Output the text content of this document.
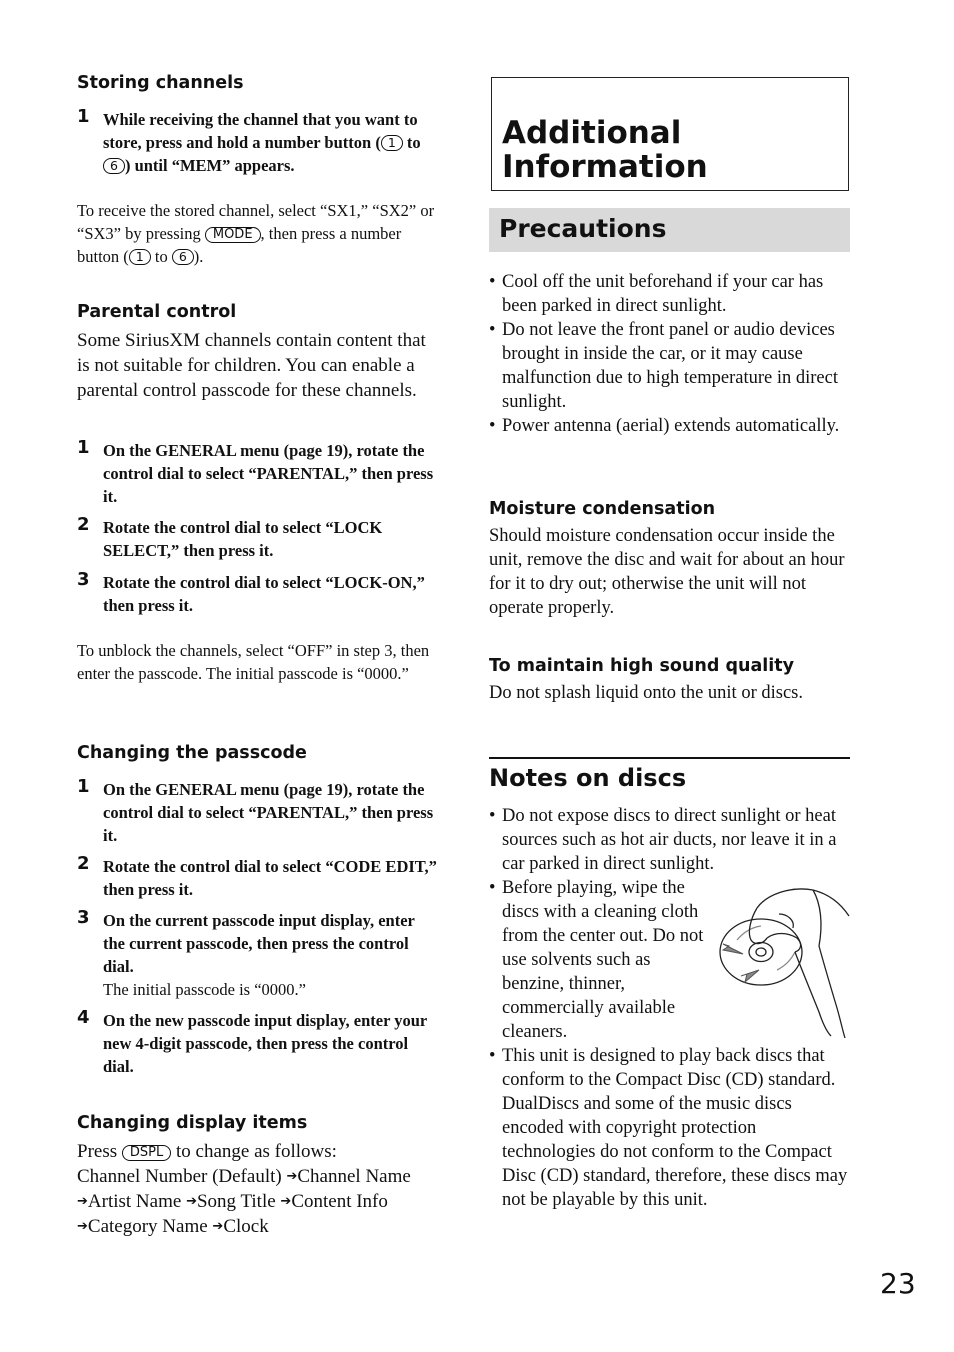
Storing channels
1 While receiving the channel that you want to store, press and hold a number button ( 1 to 6 ) until “MEM” appears.
To receive the stored channel, select “SX1,” “SX2” or “SX3” by pressing MODE , then press a number button ( 1 to 6 ).
Parental control
Some SiriusXM channels contain content that is not suitable for children. You can enable a parental control passcode for these channels.
1 On the GENERAL menu (page 19), rotate the control dial to select “PARENTAL,” then press it.
2 Rotate the control dial to select “LOCK SELECT,” then press it.
3 Rotate the control dial to select “LOCK-ON,” then press it.
To unblock the channels, select “OFF” in step 3, then enter the passcode. The initial passcode is “0000.”
Changing the passcode
1 On the GENERAL menu (page 19), rotate the control dial to select “PARENTAL,” then press it.
2 Rotate the control dial to select “CODE EDIT,” then press it.
3 On the current passcode input display, enter the current passcode, then press the control dial.
The initial passcode is “0000.”
4 On the new passcode input display, enter your new 4-digit passcode, then press the control dial.
Changing display items
Press DSPL to change as follows:
Channel Number (Default) ➔Channel Name ➔Artist Name ➔Song Title ➔Content Info ➔Category Name ➔Clock
Additional
Information
Precautions
• Cool off the unit beforehand if your car has been parked in direct sunlight.
• Do not leave the front panel or audio devices brought in inside the car, or it may cause malfunction due to high temperature in direct sunlight.
• Power antenna (aerial) extends automatically.
Moisture condensation
Should moisture condensation occur inside the unit, remove the disc and wait for about an hour for it to dry out; otherwise the unit will not operate properly.
To maintain high sound quality
Do not splash liquid onto the unit or discs.
Notes on discs
• Do not expose discs to direct sunlight or heat sources such as hot air ducts, nor leave it in a car parked in direct sunlight.
• Before playing, wipe the discs with a cleaning cloth from the center out. Do not use solvents such as benzine, thinner, commercially available cleaners.
• This unit is designed to play back discs that conform to the Compact Disc (CD) standard. DualDiscs and some of the music discs encoded with copyright protection technologies do not conform to the Compact Disc (CD) standard, therefore, these discs may not be playable by this unit.
23
